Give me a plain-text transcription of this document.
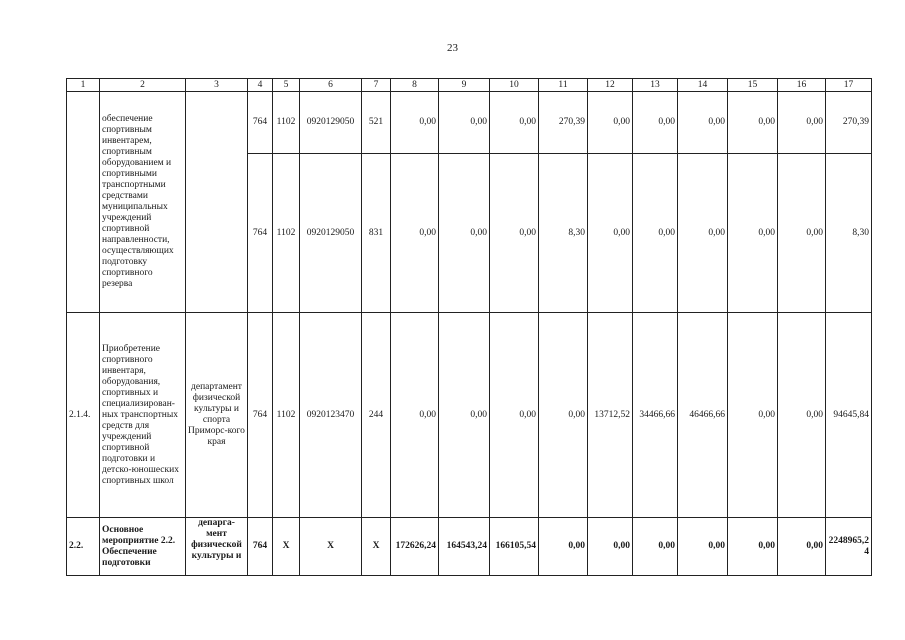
23
1	2	3	4	5	6	7	8	9	10	11	12	13	14	15	16	17
	обеспечение спортивным инвентарем, спортивным оборудованием и спортивными транспортными средствами муниципальных учреждений спортивной направленности, осуществляющих подготовку спортивного резерва		764	1102	0920129050	521	0,00	0,00	0,00	270,39	0,00	0,00	0,00	0,00	0,00	270,39
			764	1102	0920129050	831	0,00	0,00	0,00	8,30	0,00	0,00	0,00	0,00	0,00	8,30
2.1.4.	Приобретение спортивного инвентаря, оборудования, спортивных и специализирован-ных транспортных средств для учреждений спортивной подготовки и детско-юношеских спортивных школ	департамент физической культуры и спорта Приморс-кого края	764	1102	0920123470	244	0,00	0,00	0,00	0,00	13712,52	34466,66	46466,66	0,00	0,00	94645,84
2.2.	Основное мероприятие 2.2. Обеспечение подготовки	депарга-мент физической культуры и	764	X	X	X	172626,24	164543,24	166105,54	0,00	0,00	0,00	0,00	0,00	0,00	2248965,24
